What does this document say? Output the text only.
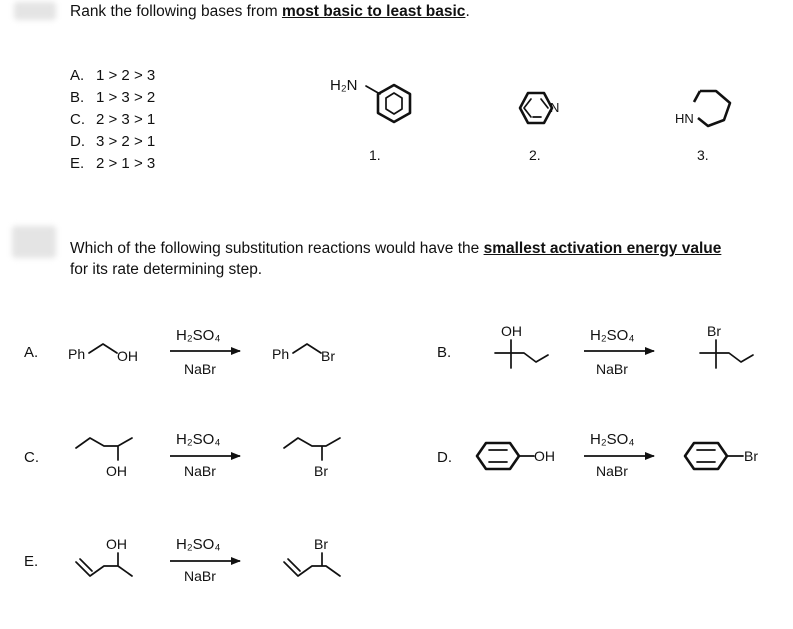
Rank the following bases from most basic to least basic.
A. 1 > 2 > 3
B. 1 > 3 > 2
C. 2 > 3 > 1
D. 3 > 2 > 1
E. 2 > 1 > 3
Which of the following substitution reactions would have the smallest activation energy value
for its rate determining step.
H₂N
1.
N
2.
HN
3.
A. Ph OH
H₂SO₄
NaBr
Ph Br	B.
OH	H₂SO₄
NaBr
Br
C.
OH
H₂SO₄
NaBr	Br
D.	OH
H₂SO₄
NaBr
Br
E.
OH	H₂SO₄
NaBr
Br
